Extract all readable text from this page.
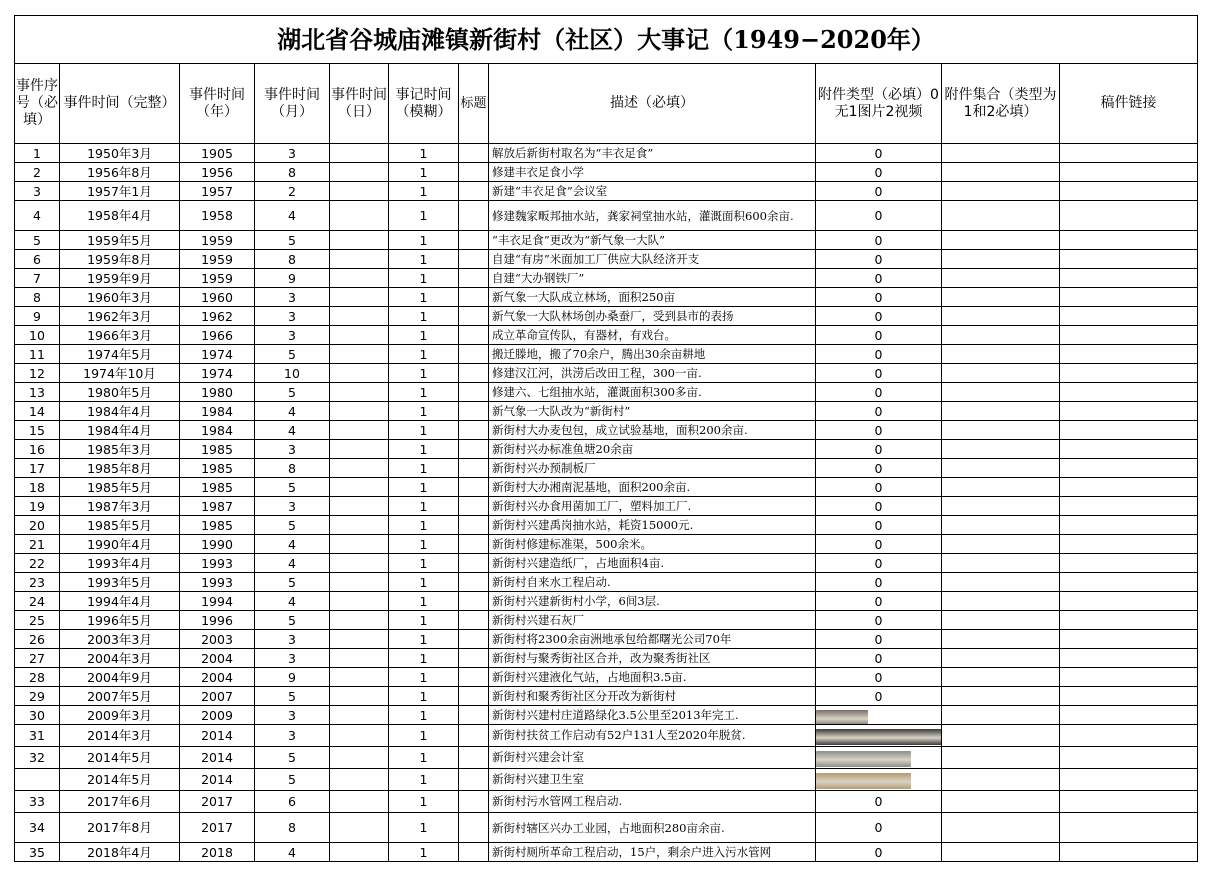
湖北省谷城庙滩镇新街村（社区）大事记（1949−2020年）										
事件序号（必填）	事件时间（完整）	事件时间（年）	事件时间（月）	事件时间（日）	事记时间（模糊）	标题	描述（必填）	附件类型（必填）0无1图片2视频	附件集合（类型为1和2必填）	稿件链接
1	1950年3月	1905	3		1		解放后新街村取名为“丰衣足食”	0		
2	1956年8月	1956	8		1		修建丰衣足食小学	0		
3	1957年1月	1957	2		1		新建“丰衣足食”会议室	0		
4	1958年4月	1958	4		1		修建魏家畈邦抽水站，龚家祠堂抽水站，灌溉面积600余亩.	0		
5	1959年5月	1959	5		1		“丰衣足食”更改为“新气象一大队”	0		
6	1959年8月	1959	8		1		自建“有房”米面加工厂供应大队经济开支	0		
7	1959年9月	1959	9		1		自建“大办钢铁厂”	0		
8	1960年3月	1960	3		1		新气象一大队成立林场，面积250亩	0		
9	1962年3月	1962	3		1		新气象一大队林场创办桑蚕厂，受到县市的表扬	0		
10	1966年3月	1966	3		1		成立革命宣传队，有器材，有戏台。	0		
11	1974年5月	1974	5		1		搬迁滕地，搬了70余户，腾出30余亩耕地	0		
12	1974年10月	1974	10		1		修建汉江河，洪涝后改田工程，300一亩.	0		
13	1980年5月	1980	5		1		修建六、七组抽水站，灌溉面积300多亩.	0		
14	1984年4月	1984	4		1		新气象一大队改为“新街村”	0		
15	1984年4月	1984	4		1		新街村大办麦包包，成立试验基地，面积200余亩.	0		
16	1985年3月	1985	3		1		新街村兴办标准鱼塘20余亩	0		
17	1985年8月	1985	8		1		新街村兴办预制板厂	0		
18	1985年5月	1985	5		1		新街村大办湘南泥基地，面积200余亩.	0		
19	1987年3月	1987	3		1		新街村兴办食用菌加工厂，塑料加工厂.	0		
20	1985年5月	1985	5		1		新街村兴建禹岗抽水站，耗资15000元.	0		
21	1990年4月	1990	4		1		新街村修建标准渠，500余米。	0		
22	1993年4月	1993	4		1		新街村兴建造纸厂，占地面积4亩.	0		
23	1993年5月	1993	5		1		新街村自来水工程启动.	0		
24	1994年4月	1994	4		1		新街村兴建新街村小学，6间3层.	0		
25	1996年5月	1996	5		1		新街村兴建石灰厂	0		
26	2003年3月	2003	3		1		新街村将2300余亩洲地承包给都曙光公司70年	0		
27	2004年3月	2004	3		1		新街村与聚秀街社区合并，改为聚秀街社区	0		
28	2004年9月	2004	9		1		新街村兴建液化气站，占地面积3.5亩.	0		
29	2007年5月	2007	5		1		新街村和聚秀街社区分开改为新街村	0		
30	2009年3月	2009	3		1		新街村兴建村庄道路绿化3.5公里至2013年完工.	

31	2014年3月	2014	3		1		新街村扶贫工作启动有52户131人至2020年脱贫.	

32	2014年5月	2014	5		1		新街村兴建会计室	

	2014年5月	2014	5		1		新街村兴建卫生室	

33	2017年6月	2017	6		1		新街村污水管网工程启动.	0		
34	2017年8月	2017	8		1		新街村辖区兴办工业园，占地面积280亩余亩.	0		
35	2018年4月	2018	4		1		新街村厕所革命工程启动，15户，剩余户进入污水管网	0		
